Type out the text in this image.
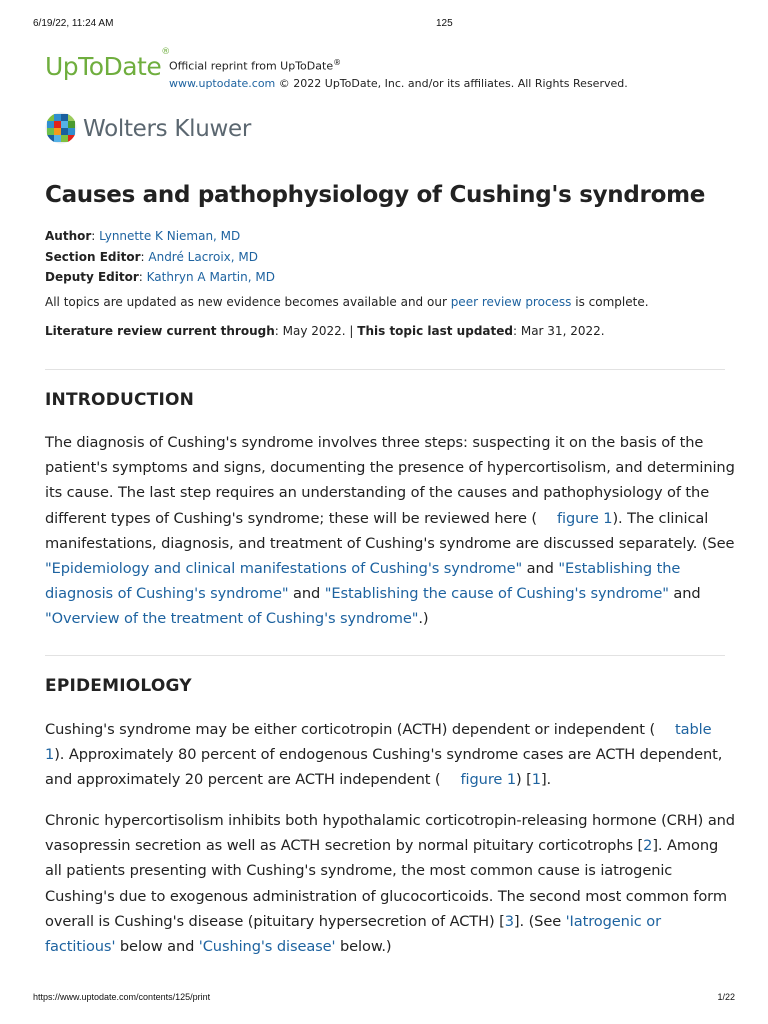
6/19/22, 11:24 AM	125
UpToDate®
Official reprint from UpToDate®
www.uptodate.com © 2022 UpToDate, Inc. and/or its affiliates. All Rights Reserved.
Wolters Kluwer
Causes and pathophysiology of Cushing's syndrome
Author: Lynnette K Nieman, MD
Section Editor: André Lacroix, MD
Deputy Editor: Kathryn A Martin, MD
All topics are updated as new evidence becomes available and our peer review process is complete.
Literature review current through: May 2022. | This topic last updated: Mar 31, 2022.
INTRODUCTION

The diagnosis of Cushing's syndrome involves three steps: suspecting it on the basis of the patient's symptoms and signs, documenting the presence of hypercortisolism, and determining its cause. The last step requires an understanding of the causes and pathophysiology of the different types of Cushing's syndrome; these will be reviewed here ( figure 1). The clinical manifestations, diagnosis, and treatment of Cushing's syndrome are discussed separately. (See "Epidemiology and clinical manifestations of Cushing's syndrome" and "Establishing the diagnosis of Cushing's syndrome" and "Establishing the cause of Cushing's syndrome" and "Overview of the treatment of Cushing's syndrome".)

EPIDEMIOLOGY

Cushing's syndrome may be either corticotropin (ACTH) dependent or independent ( table 1). Approximately 80 percent of endogenous Cushing's syndrome cases are ACTH dependent, and approximately 20 percent are ACTH independent ( figure 1) [1].

Chronic hypercortisolism inhibits both hypothalamic corticotropin-releasing hormone (CRH) and vasopressin secretion as well as ACTH secretion by normal pituitary corticotrophs [2]. Among all patients presenting with Cushing's syndrome, the most common cause is iatrogenic Cushing's due to exogenous administration of glucocorticoids. The second most common form overall is Cushing's disease (pituitary hypersecretion of ACTH) [3]. (See 'Iatrogenic or factitious' below and 'Cushing's disease' below.)

https://www.uptodate.com/contents/125/print	1/22
